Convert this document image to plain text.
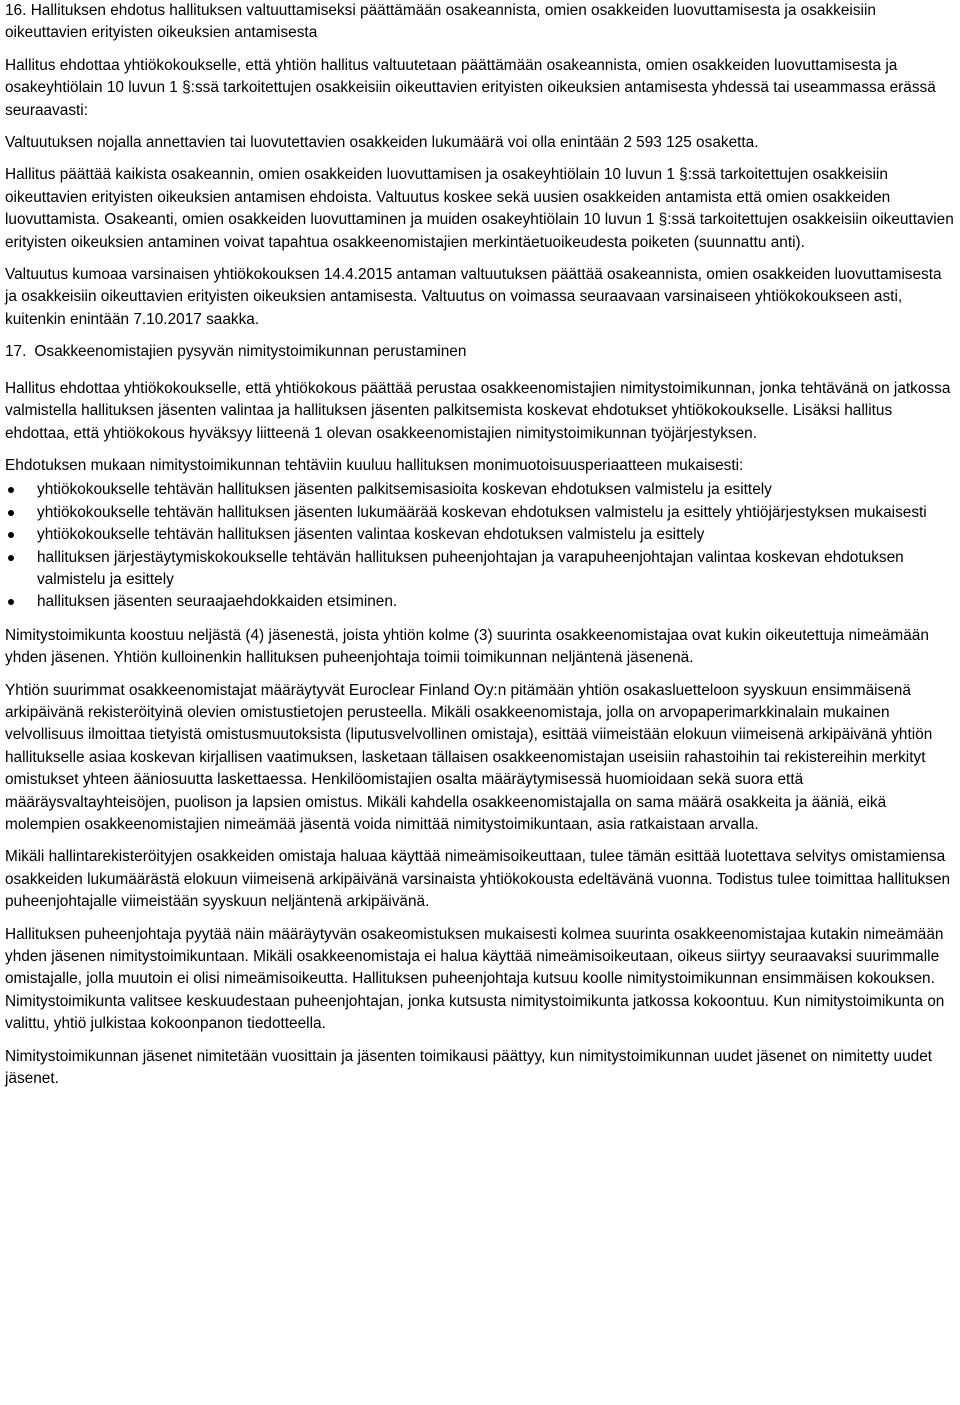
16. Hallituksen ehdotus hallituksen valtuuttamiseksi päättämään osakeannista, omien osakkeiden luovuttamisesta ja osakkeisiin oikeuttavien erityisten oikeuksien antamisesta

Hallitus ehdottaa yhtiökokoukselle, että yhtiön hallitus valtuutetaan päättämään osakeannista, omien osakkeiden luovuttamisesta ja osakeyhtiölain 10 luvun 1 §:ssä tarkoitettujen osakkeisiin oikeuttavien erityisten oikeuksien antamisesta yhdessä tai useammassa erässä seuraavasti:

Valtuutuksen nojalla annettavien tai luovutettavien osakkeiden lukumäärä voi olla enintään 2 593 125 osaketta.

Hallitus päättää kaikista osakeannin, omien osakkeiden luovuttamisen ja osakeyhtiölain 10 luvun 1 §:ssä tarkoitettujen osakkeisiin oikeuttavien erityisten oikeuksien antamisen ehdoista. Valtuutus koskee sekä uusien osakkeiden antamista että omien osakkeiden luovuttamista. Osakeanti, omien osakkeiden luovuttaminen ja muiden osakeyhtiölain 10 luvun 1 §:ssä tarkoitettujen osakkeisiin oikeuttavien erityisten oikeuksien antaminen voivat tapahtua osakkeenomistajien merkintäetuoikeudesta poiketen (suunnattu anti).

Valtuutus kumoaa varsinaisen yhtiökokouksen 14.4.2015 antaman valtuutuksen päättää osakeannista, omien osakkeiden luovuttamisesta ja osakkeisiin oikeuttavien erityisten oikeuksien antamisesta. Valtuutus on voimassa seuraavaan varsinaiseen yhtiökokoukseen asti, kuitenkin enintään 7.10.2017 saakka.

17. Osakkeenomistajien pysyvän nimitystoimikunnan perustaminen

Hallitus ehdottaa yhtiökokoukselle, että yhtiökokous päättää perustaa osakkeenomistajien nimitystoimikunnan, jonka tehtävänä on jatkossa valmistella hallituksen jäsenten valintaa ja hallituksen jäsenten palkitsemista koskevat ehdotukset yhtiökokoukselle. Lisäksi hallitus ehdottaa, että yhtiökokous hyväksyy liitteenä 1 olevan osakkeenomistajien nimitystoimikunnan työjärjestyksen.

Ehdotuksen mukaan nimitystoimikunnan tehtäviin kuuluu hallituksen monimuotoisuusperiaatteen mukaisesti:

yhtiökokoukselle tehtävän hallituksen jäsenten palkitsemisasioita koskevan ehdotuksen valmistelu ja esittely
yhtiökokoukselle tehtävän hallituksen jäsenten lukumäärää koskevan ehdotuksen valmistelu ja esittely yhtiöjärjestyksen mukaisesti
yhtiökokoukselle tehtävän hallituksen jäsenten valintaa koskevan ehdotuksen valmistelu ja esittely
hallituksen järjestäytymiskokoukselle tehtävän hallituksen puheenjohtajan ja varapuheenjohtajan valintaa koskevan ehdotuksen valmistelu ja esittely
hallituksen jäsenten seuraajaehdokkaiden etsiminen.

Nimitystoimikunta koostuu neljästä (4) jäsenestä, joista yhtiön kolme (3) suurinta osakkeenomistajaa ovat kukin oikeutettuja nimeämään yhden jäsenen. Yhtiön kulloinenkin hallituksen puheenjohtaja toimii toimikunnan neljäntenä jäsenenä.

Yhtiön suurimmat osakkeenomistajat määräytyvät Euroclear Finland Oy:n pitämään yhtiön osakasluetteloon syyskuun ensimmäisenä arkipäivänä rekisteröityinä olevien omistustietojen perusteella. Mikäli osakkeenomistaja, jolla on arvopaperimarkkinalain mukainen velvollisuus ilmoittaa tietyistä omistusmuutoksista (liputusvelvollinen omistaja), esittää viimeistään elokuun viimeisenä arkipäivänä yhtiön hallitukselle asiaa koskevan kirjallisen vaatimuksen, lasketaan tällaisen osakkeenomistajan useisiin rahastoihin tai rekistereihin merkityt omistukset yhteen ääniosuutta laskettaessa. Henkilöomistajien osalta määräytymisessä huomioidaan sekä suora että määräysvaltayhteisöjen, puolison ja lapsien omistus. Mikäli kahdella osakkeenomistajalla on sama määrä osakkeita ja ääniä, eikä molempien osakkeenomistajien nimeämää jäsentä voida nimittää nimitystoimikuntaan, asia ratkaistaan arvalla.

Mikäli hallintarekisteröityjen osakkeiden omistaja haluaa käyttää nimeämisoikeuttaan, tulee tämän esittää luotettava selvitys omistamiensa osakkeiden lukumäärästä elokuun viimeisenä arkipäivänä varsinaista yhtiökokousta edeltävänä vuonna. Todistus tulee toimittaa hallituksen puheenjohtajalle viimeistään syyskuun neljäntenä arkipäivänä.

Hallituksen puheenjohtaja pyytää näin määräytyvän osakeomistuksen mukaisesti kolmea suurinta osakkeenomistajaa kutakin nimeämään yhden jäsenen nimitystoimikuntaan. Mikäli osakkeenomistaja ei halua käyttää nimeämisoikeutaan, oikeus siirtyy seuraavaksi suurimmalle omistajalle, jolla muutoin ei olisi nimeämisoikeutta. Hallituksen puheenjohtaja kutsuu koolle nimitystoimikunnan ensimmäisen kokouksen. Nimitystoimikunta valitsee keskuudestaan puheenjohtajan, jonka kutsusta nimitystoimikunta jatkossa kokoontuu. Kun nimitystoimikunta on valittu, yhtiö julkistaa kokoonpanon tiedotteella.

Nimitystoimikunnan jäsenet nimitetään vuosittain ja jäsenten toimikausi päättyy, kun nimitystoimikunnan uudet jäsenet on nimitetty uudet jäsenet.
